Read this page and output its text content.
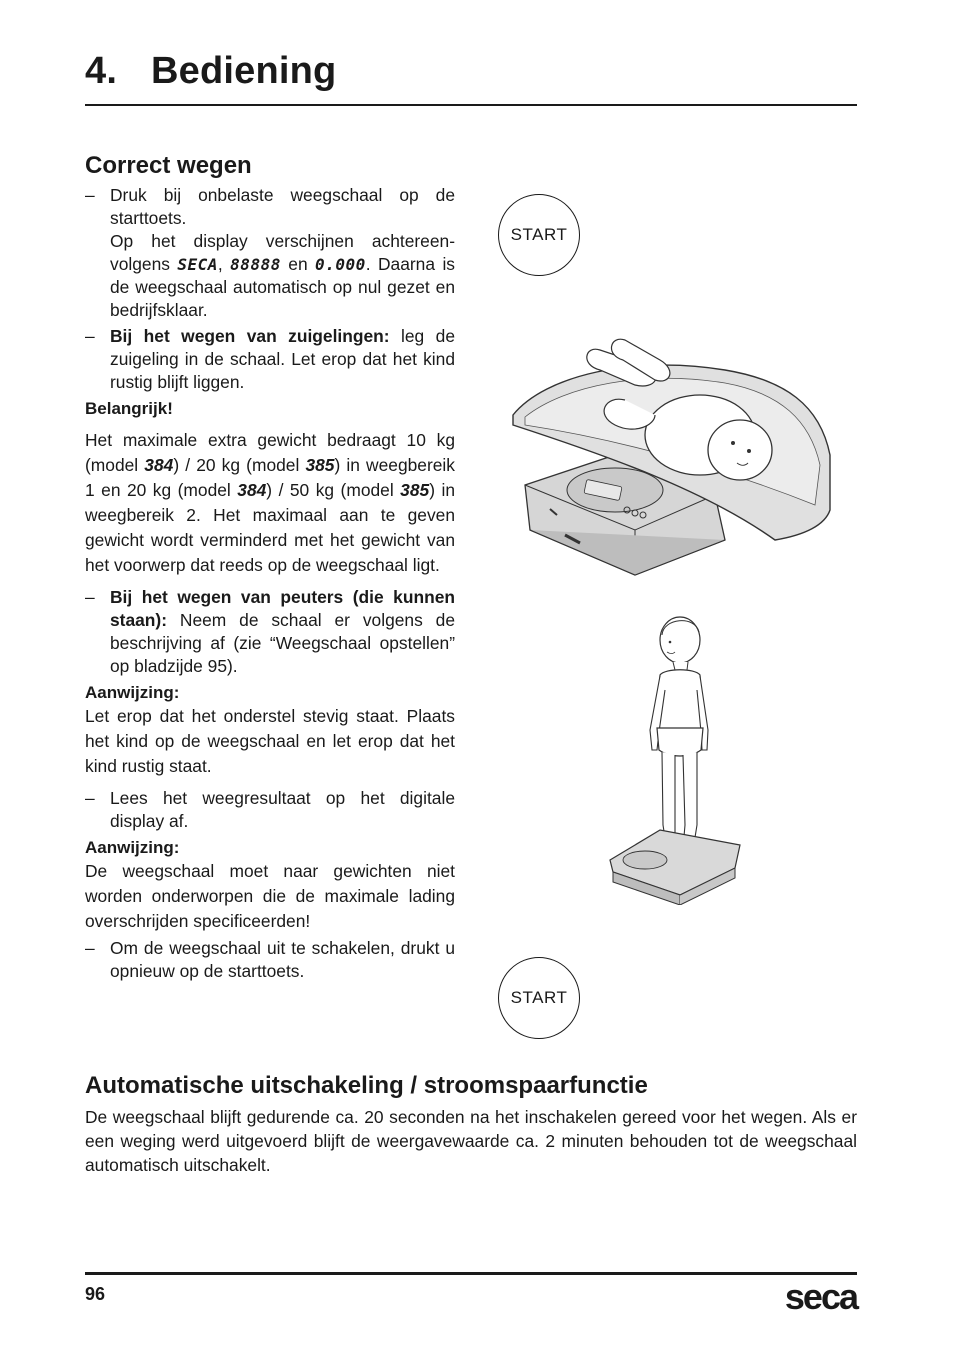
4. Bediening
Correct wegen
– Druk bij onbelaste weegschaal op de starttoets.

Op het display verschijnen achtereenvolgens SECA, 88888 en 0.000. Daarna is de weegschaal automatisch op nul gezet en bedrijfsklaar.

– Bij het wegen van zuigelingen: leg de zuigeling in de schaal. Let erop dat het kind rustig blijft liggen.

Belangrijk!

Het maximale extra gewicht bedraagt 10 kg (model 384) / 20 kg (model 385) in weegbereik 1 en 20 kg (model 384) / 50 kg (model 385) in weegbereik 2. Het maximaal aan te geven gewicht wordt verminderd met het gewicht van het voorwerp dat reeds op de weegschaal ligt.

– Bij het wegen van peuters (die kunnen staan): Neem de schaal er volgens de beschrijving af (zie “Weegschaal opstellen” op bladzijde 95).

Aanwijzing:

Let erop dat het onderstel stevig staat. Plaats het kind op de weegschaal en let erop dat het kind rustig staat.

– Lees het weegresultaat op het digitale display af.

Aanwijzing:

De weegschaal moet naar gewichten niet worden onderworpen die de maximale lading overschrijden specificeerden!

– Om de weegschaal uit te schakelen, drukt u opnieuw op de starttoets.

START
START
Automatische uitschakeling / stroomspaarfunctie

De weegschaal blijft gedurende ca. 20 seconden na het inschakelen gereed voor het wegen. Als er een weging werd uitgevoerd blijft de weergavewaarde ca. 2 minuten behouden tot de weegschaal automatisch uitschakelt.

96	seca
